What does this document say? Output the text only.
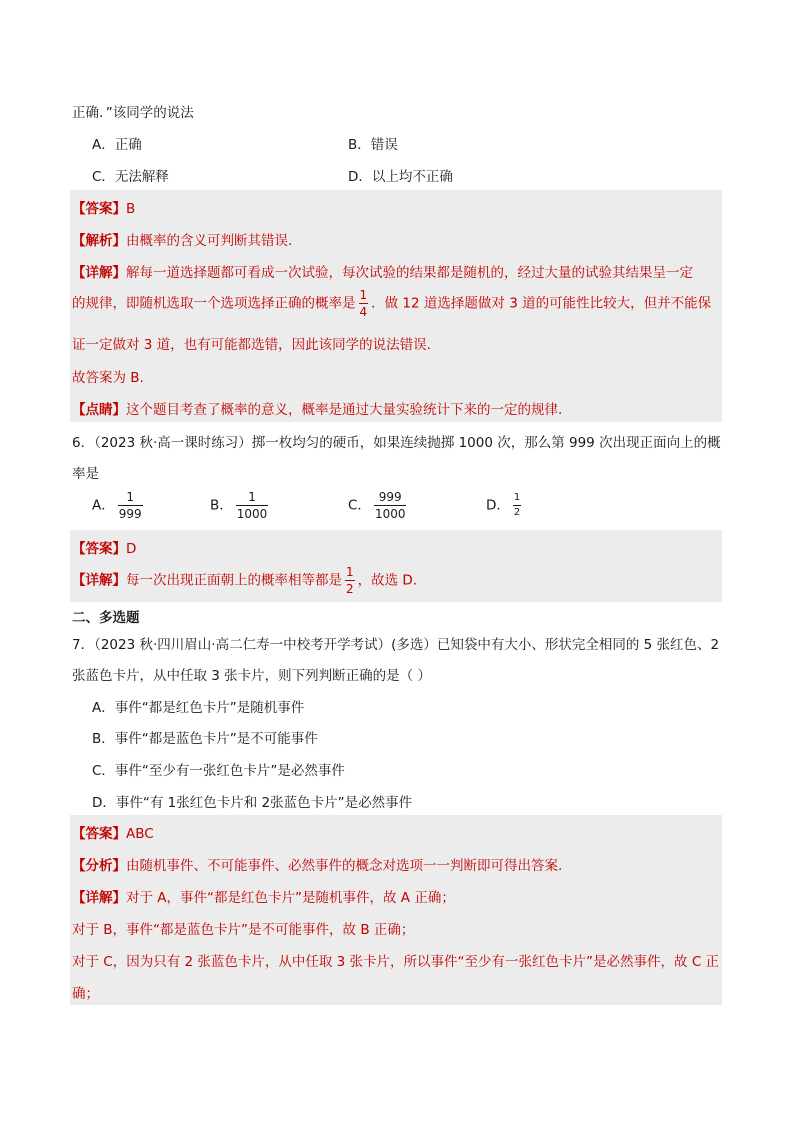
正确．”该同学的说法
A．正确	B．错误
C．无法解释	D．以上均不正确
【答案】B
【解析】由概率的含义可判断其错误.
【详解】解每一道选择题都可看成一次试验，每次试验的结果都是随机的，经过大量的试验其结果呈一定
的规律，即随机选取一个选项选择正确的概率是 $\frac{1}{4}$ ．做 12 道选择题做对 3 道的可能性比较大，但并不能保
证一定做对 3 道，也有可能都选错，因此该同学的说法错误．
故答案为 B.
【点睛】这个题目考查了概率的意义，概率是通过大量实验统计下来的一定的规律.
6．（2023 秋·高一课时练习）掷一枚均匀的硬币，如果连续抛掷 1000 次，那么第 999 次出现正面向上的概
率是
A． $\frac{1}{999}$	B． $\frac{1}{1000}$	C． $\frac{999}{1000}$	D． $\frac{1}{2}$
【答案】D
【详解】每一次出现正面朝上的概率相等都是 $\frac{1}{2}$ ，故选 D.
二、多选题
7．（2023 秋·四川眉山·高二仁寿一中校考开学考试）(多选）已知袋中有大小、形状完全相同的 5 张红色、2
张蓝色卡片，从中任取 3 张卡片，则下列判断正确的是（ ）
A．事件“都是红色卡片”是随机事件
B．事件“都是蓝色卡片”是不可能事件
C．事件“至少有一张红色卡片”是必然事件
D．事件“有 1张红色卡片和 2张蓝色卡片”是必然事件
【答案】ABC
【分析】由随机事件、不可能事件、必然事件的概念对选项一一判断即可得出答案.
【详解】对于 A，事件“都是红色卡片”是随机事件，故 A 正确；
对于 B，事件“都是蓝色卡片”是不可能事件，故 B 正确；
对于 C，因为只有 2 张蓝色卡片，从中任取 3 张卡片，所以事件“至少有一张红色卡片”是必然事件，故 C 正
确；
